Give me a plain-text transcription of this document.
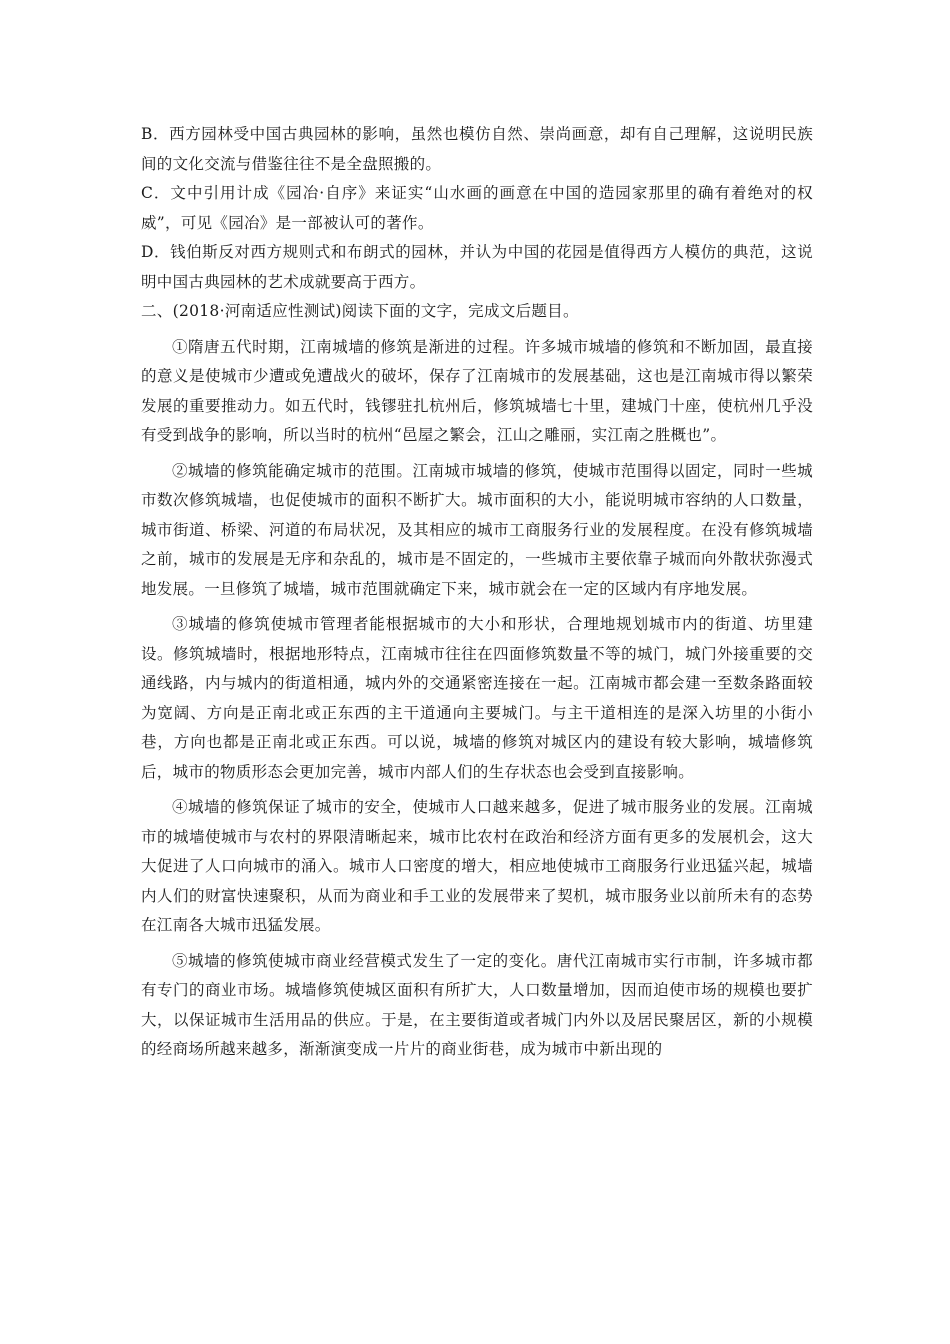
B．西方园林受中国古典园林的影响，虽然也模仿自然、崇尚画意，却有自己理解，这说明民族间的文化交流与借鉴往往不是全盘照搬的。

C．文中引用计成《园冶·自序》来证实“山水画的画意在中国的造园家那里的确有着绝对的权威”，可见《园冶》是一部被认可的著作。

D．钱伯斯反对西方规则式和布朗式的园林，并认为中国的花园是值得西方人模仿的典范，这说明中国古典园林的艺术成就要高于西方。

二、(2018·河南适应性测试)阅读下面的文字，完成文后题目。

①隋唐五代时期，江南城墙的修筑是渐进的过程。许多城市城墙的修筑和不断加固，最直接的意义是使城市少遭或免遭战火的破坏，保存了江南城市的发展基础，这也是江南城市得以繁荣发展的重要推动力。如五代时，钱镠驻扎杭州后，修筑城墙七十里，建城门十座，使杭州几乎没有受到战争的影响，所以当时的杭州“邑屋之繁会，江山之雕丽，实江南之胜概也”。

②城墙的修筑能确定城市的范围。江南城市城墙的修筑，使城市范围得以固定，同时一些城市数次修筑城墙，也促使城市的面积不断扩大。城市面积的大小，能说明城市容纳的人口数量，城市街道、桥梁、河道的布局状况，及其相应的城市工商服务行业的发展程度。在没有修筑城墙之前，城市的发展是无序和杂乱的，城市是不固定的，一些城市主要依靠子城而向外散状弥漫式地发展。一旦修筑了城墙，城市范围就确定下来，城市就会在一定的区域内有序地发展。

③城墙的修筑使城市管理者能根据城市的大小和形状，合理地规划城市内的街道、坊里建设。修筑城墙时，根据地形特点，江南城市往往在四面修筑数量不等的城门，城门外接重要的交通线路，内与城内的街道相通，城内外的交通紧密连接在一起。江南城市都会建一至数条路面较为宽阔、方向是正南北或正东西的主干道通向主要城门。与主干道相连的是深入坊里的小街小巷，方向也都是正南北或正东西。可以说，城墙的修筑对城区内的建设有较大影响，城墙修筑后，城市的物质形态会更加完善，城市内部人们的生存状态也会受到直接影响。

④城墙的修筑保证了城市的安全，使城市人口越来越多，促进了城市服务业的发展。江南城市的城墙使城市与农村的界限清晰起来，城市比农村在政治和经济方面有更多的发展机会，这大大促进了人口向城市的涌入。城市人口密度的增大，相应地使城市工商服务行业迅猛兴起，城墙内人们的财富快速聚积，从而为商业和手工业的发展带来了契机，城市服务业以前所未有的态势在江南各大城市迅猛发展。

⑤城墙的修筑使城市商业经营模式发生了一定的变化。唐代江南城市实行市制，许多城市都有专门的商业市场。城墙修筑使城区面积有所扩大，人口数量增加，因而迫使市场的规模也要扩大，以保证城市生活用品的供应。于是，在主要街道或者城门内外以及居民聚居区，新的小规模的经商场所越来越多，渐渐演变成一片片的商业街巷，成为城市中新出现的
